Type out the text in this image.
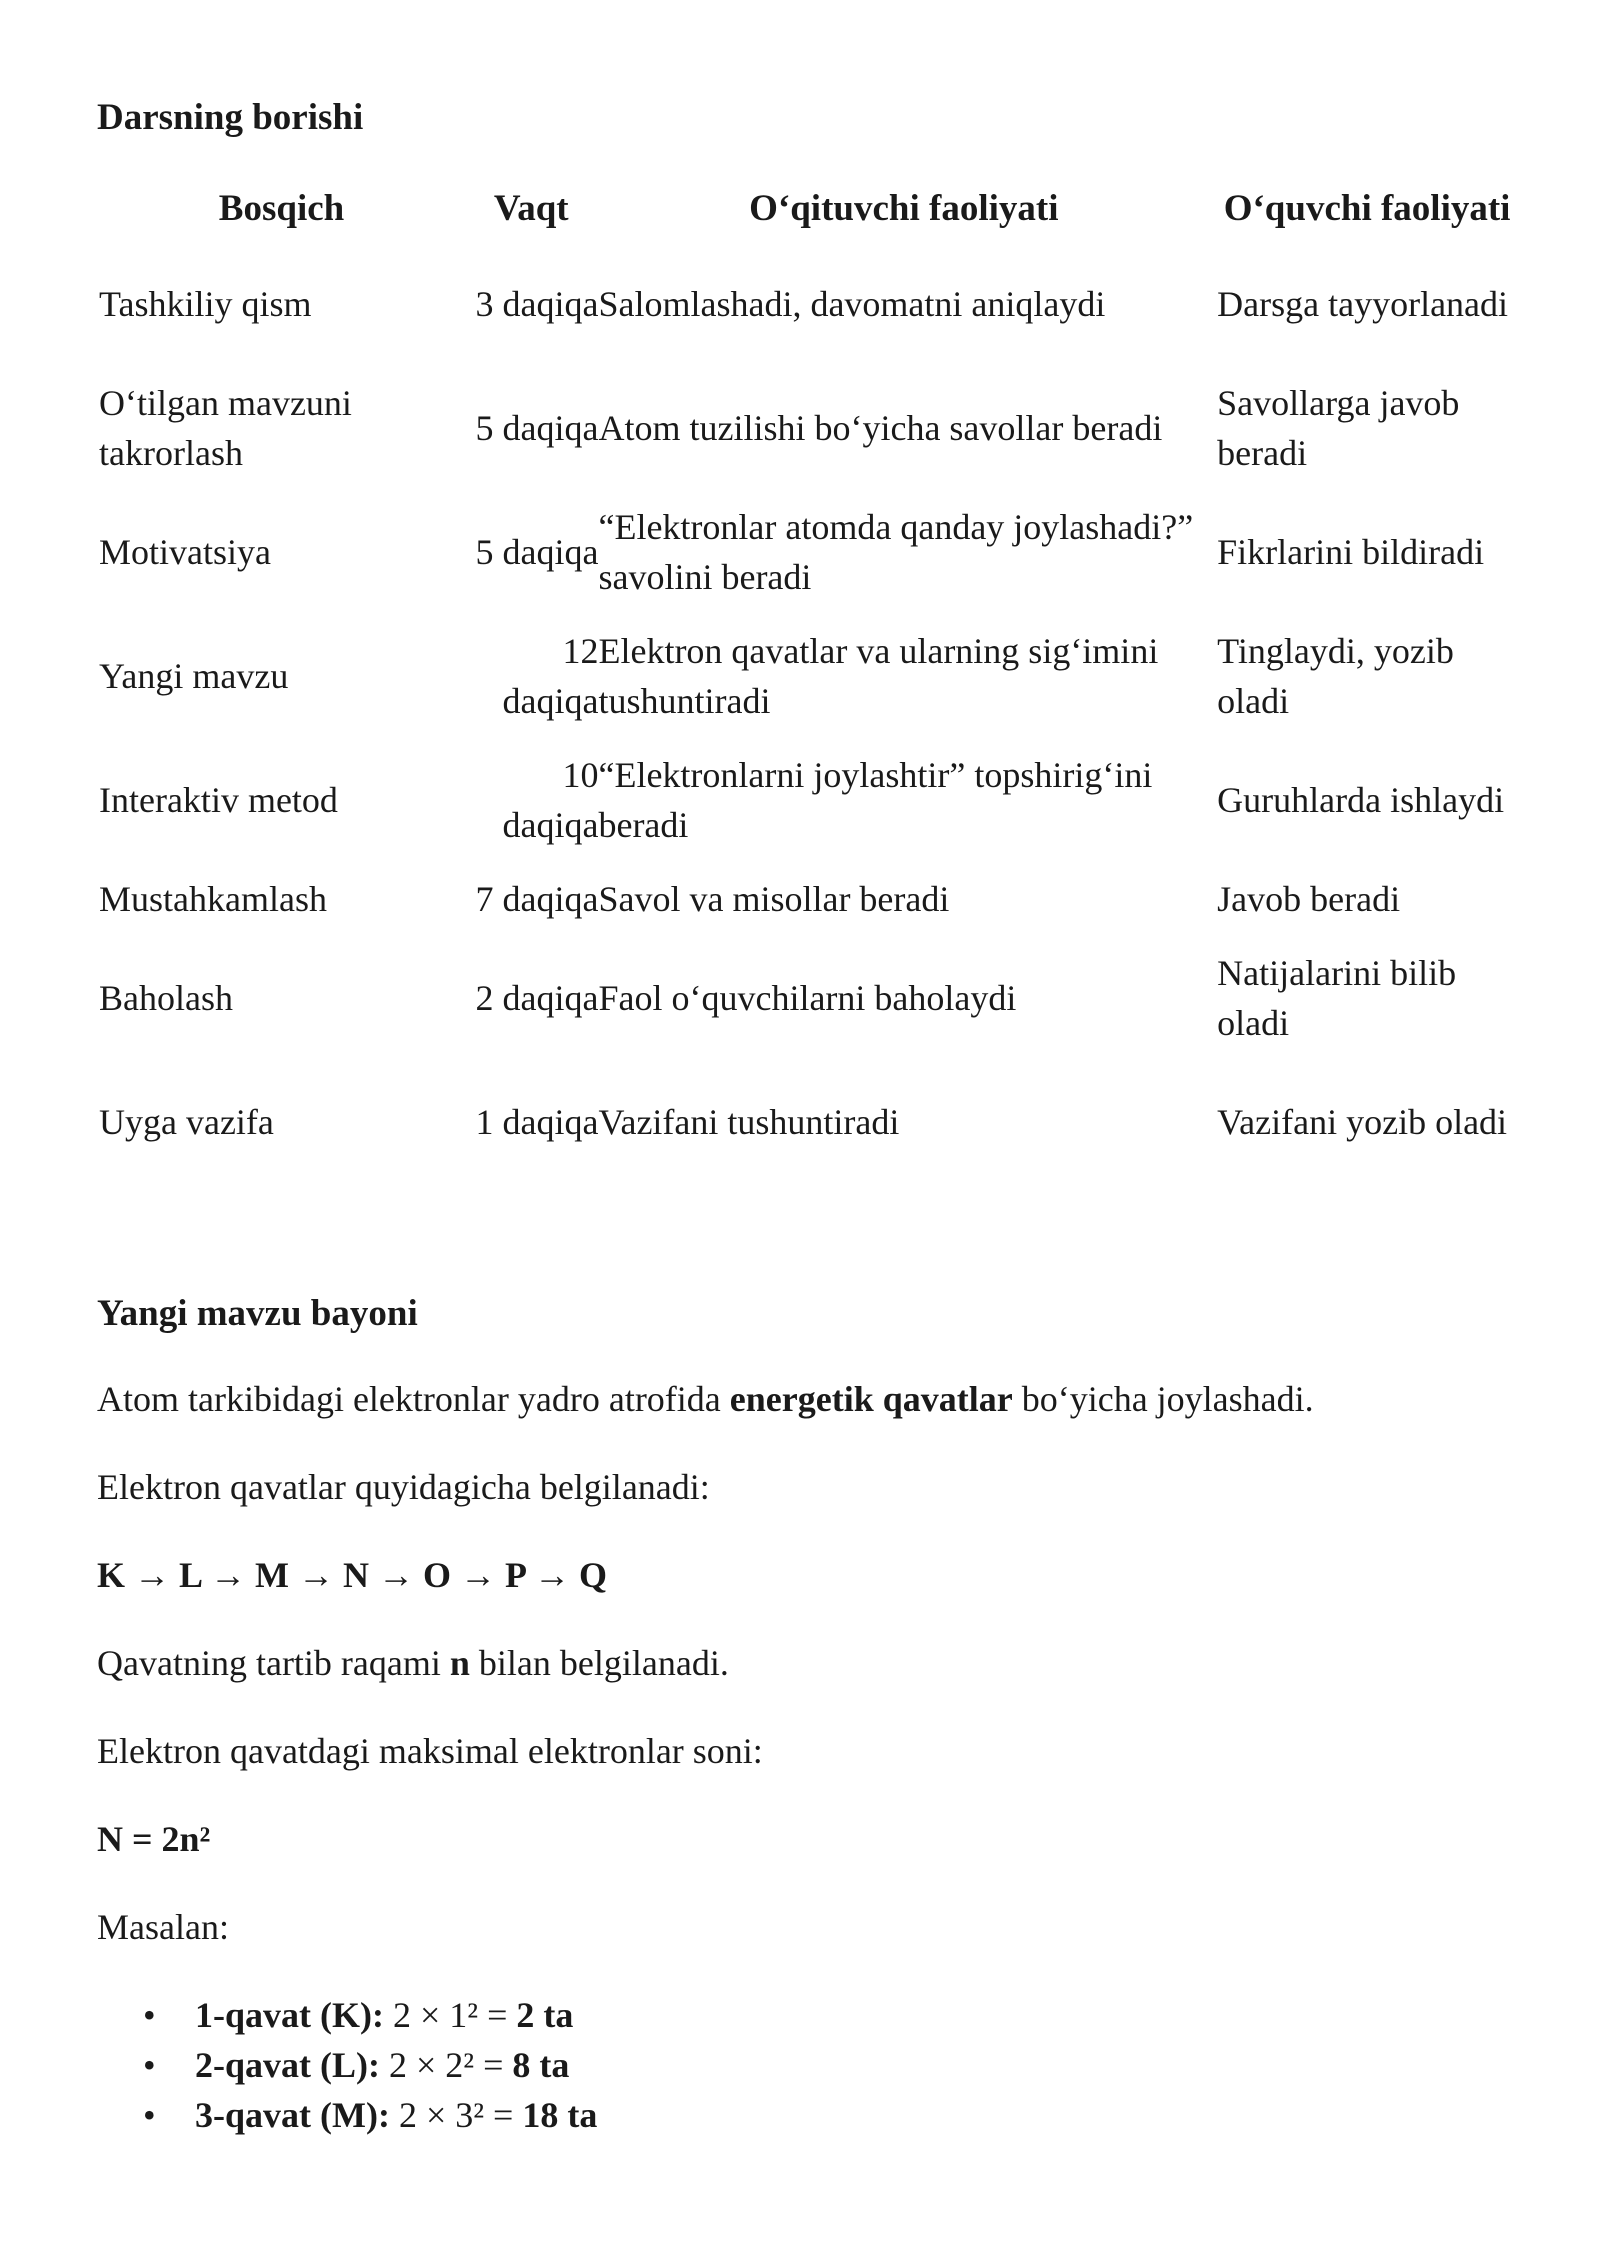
Darsning borishi
Bosqich	Vaqt	O‘qituvchi faoliyati	O‘quvchi faoliyati
Tashkiliy qism	3 daqiqa	Salomlashadi, davomatni aniqlaydi	Darsga tayyorlanadi
O‘tilgan mavzuni takrorlash	5 daqiqa	Atom tuzilishi bo‘yicha savollar beradi	Savollarga javob beradi
Motivatsiya	5 daqiqa	“Elektronlar atomda qanday joylashadi?” savolini beradi	Fikrlarini bildiradi
Yangi mavzu	12 daqiqa	Elektron qavatlar va ularning sig‘imini tushuntiradi	Tinglaydi, yozib oladi
Interaktiv metod	10 daqiqa	“Elektronlarni joylashtir” topshirig‘ini beradi	Guruhlarda ishlaydi
Mustahkamlash	7 daqiqa	Savol va misollar beradi	Javob beradi
Baholash	2 daqiqa	Faol o‘quvchilarni baholaydi	Natijalarini bilib oladi
Uyga vazifa	1 daqiqa	Vazifani tushuntiradi	Vazifani yozib oladi
Yangi mavzu bayoni
Atom tarkibidagi elektronlar yadro atrofida energetik qavatlar bo‘yicha joylashadi.
Elektron qavatlar quyidagicha belgilanadi:
K → L → M → N → O → P → Q
Qavatning tartib raqami n bilan belgilanadi.
Elektron qavatdagi maksimal elektronlar soni:
N = 2n²
Masalan:
• 1-qavat (K): 2 × 1² = 2 ta
• 2-qavat (L): 2 × 2² = 8 ta
• 3-qavat (M): 2 × 3² = 18 ta
